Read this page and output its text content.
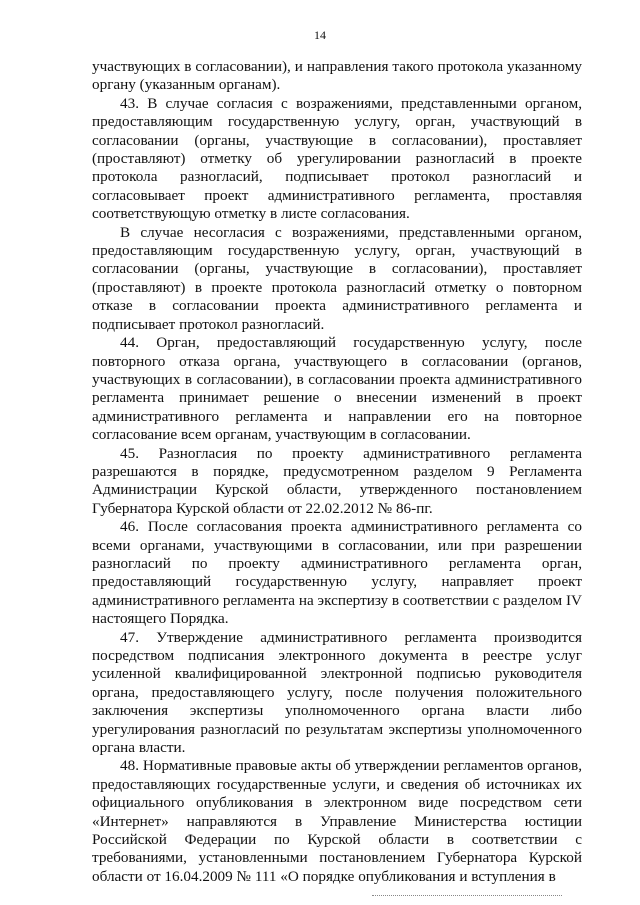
14

участвующих в согласовании), и направления такого протокола указанному органу (указанным органам).

43. В случае согласия с возражениями, представленными органом, предоставляющим государственную услугу, орган, участвующий в согласовании (органы, участвующие в согласовании), проставляет (проставляют) отметку об урегулировании разногласий в проекте протокола разногласий, подписывает протокол разногласий и согласовывает проект административного регламента, проставляя соответствующую отметку в листе согласования.

В случае несогласия с возражениями, представленными органом, предоставляющим государственную услугу, орган, участвующий в согласовании (органы, участвующие в согласовании), проставляет (проставляют) в проекте протокола разногласий отметку о повторном отказе в согласовании проекта административного регламента и подписывает протокол разногласий.

44. Орган, предоставляющий государственную услугу, после повторного отказа органа, участвующего в согласовании (органов, участвующих в согласовании), в согласовании проекта административного регламента принимает решение о внесении изменений в проект административного регламента и направлении его на повторное согласование всем органам, участвующим в согласовании.

45. Разногласия по проекту административного регламента разрешаются в порядке, предусмотренном разделом 9 Регламента Администрации Курской области, утвержденного постановлением Губернатора Курской области от 22.02.2012 № 86-пг.

46. После согласования проекта административного регламента со всеми органами, участвующими в согласовании, или при разрешении разногласий по проекту административного регламента орган, предоставляющий государственную услугу, направляет проект административного регламента на экспертизу в соответствии с разделом IV настоящего Порядка.

47. Утверждение административного регламента производится посредством подписания электронного документа в реестре услуг усиленной квалифицированной электронной подписью руководителя органа, предоставляющего услугу, после получения положительного заключения экспертизы уполномоченного органа власти либо урегулирования разногласий по результатам экспертизы уполномоченного органа власти.

48. Нормативные правовые акты об утверждении регламентов органов, предоставляющих государственные услуги, и сведения об источниках их официального опубликования в электронном виде посредством сети «Интернет» направляются в Управление Министерства юстиции Российской Федерации по Курской области в соответствии с требованиями, установленными постановлением Губернатора Курской области от 16.04.2009 № 111 «О порядке опубликования и вступления в
